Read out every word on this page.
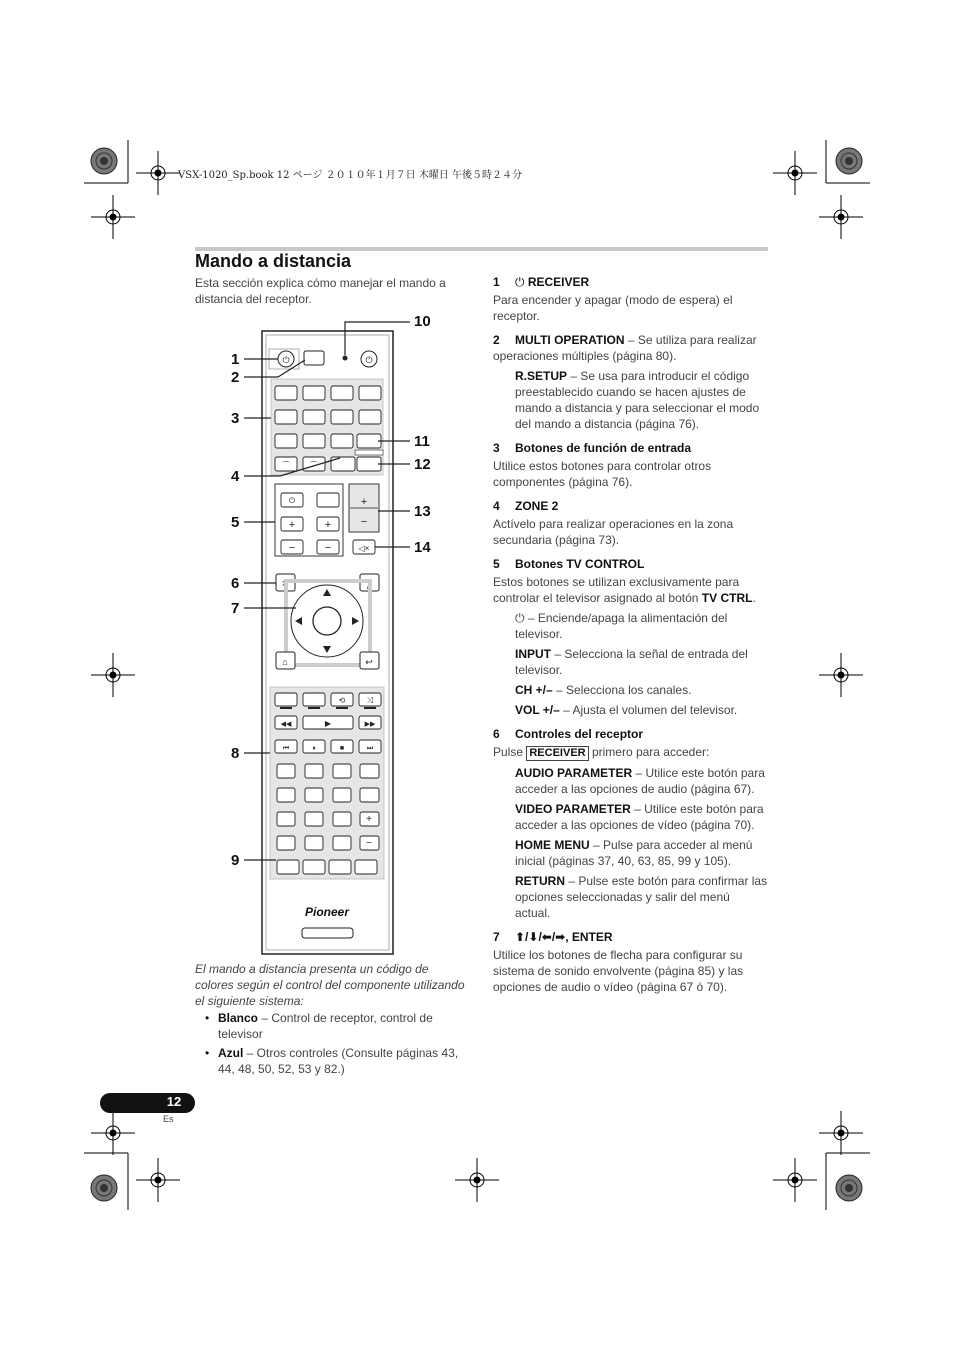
VSX-1020_Sp.book 12 ページ ２０１０年１月７日 木曜日 午後５時２４分
Mando a distancia
Esta sección explica cómo manejar el mando a distancia del receptor.
⏻	⏻
⌒	⌒
⏻
+	+
−	−
+
−
◁×
×	ƒ
⌂	↩
⟲	⤨
◀◀	▶	▶▶
⏮	⏸	■	⏭
+
−
Pioneer
1
2
3
4
5
6
7
8
9
10
11
12
13
14
El mando a distancia presenta un código de colores según el control del componente utilizando el siguiente sistema:
• Blanco – Control de receptor, control de televisor
• Azul – Otros controles (Consulte páginas 43, 44, 48, 50, 52, 53 y 82.)
1 ⏻ RECEIVER
Para encender y apagar (modo de espera) el receptor.
2 MULTI OPERATION – Se utiliza para realizar operaciones múltiples (página 80).
R.SETUP – Se usa para introducir el código preestablecido cuando se hacen ajustes de mando a distancia y para seleccionar el modo del mando a distancia (página 76).
3 Botones de función de entrada
Utilice estos botones para controlar otros componentes (página 76).
4 ZONE 2
Actívelo para realizar operaciones en la zona secundaria (página 73).
5 Botones TV CONTROL
Estos botones se utilizan exclusivamente para controlar el televisor asignado al botón TV CTRL.
⏻ – Enciende/apaga la alimentación del televisor.
INPUT – Selecciona la señal de entrada del televisor.
CH +/– – Selecciona los canales.
VOL +/– – Ajusta el volumen del televisor.
6 Controles del receptor
Pulse RECEIVER primero para acceder:
AUDIO PARAMETER – Utilice este botón para acceder a las opciones de audio (página 67).
VIDEO PARAMETER – Utilice este botón para acceder a las opciones de vídeo (página 70).
HOME MENU – Pulse para acceder al menú inicial (páginas 37, 40, 63, 85, 99 y 105).
RETURN – Pulse este botón para confirmar las opciones seleccionadas y salir del menú actual.
7 ⬆/⬇/⬅/➡, ENTER
Utilice los botones de flecha para configurar su sistema de sonido envolvente (página 85) y las opciones de audio o vídeo (página 67 ó 70).
12
Es
